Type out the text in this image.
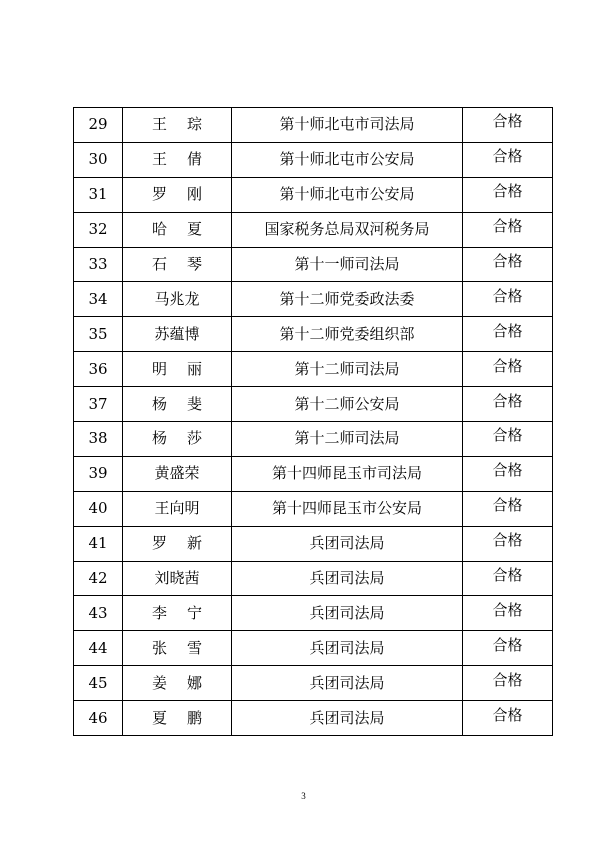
29	王琮	第十师北屯市司法局	合格
30	王倩	第十师北屯市公安局	合格
31	罗刚	第十师北屯市公安局	合格
32	哈夏	国家税务总局双河税务局	合格
33	石琴	第十一师司法局	合格
34	马兆龙	第十二师党委政法委	合格
35	苏蕴博	第十二师党委组织部	合格
36	明丽	第十二师司法局	合格
37	杨斐	第十二师公安局	合格
38	杨莎	第十二师司法局	合格
39	黄盛荣	第十四师昆玉市司法局	合格
40	王向明	第十四师昆玉市公安局	合格
41	罗新	兵团司法局	合格
42	刘晓茜	兵团司法局	合格
43	李宁	兵团司法局	合格
44	张雪	兵团司法局	合格
45	姜娜	兵团司法局	合格
46	夏鹏	兵团司法局	合格
3
